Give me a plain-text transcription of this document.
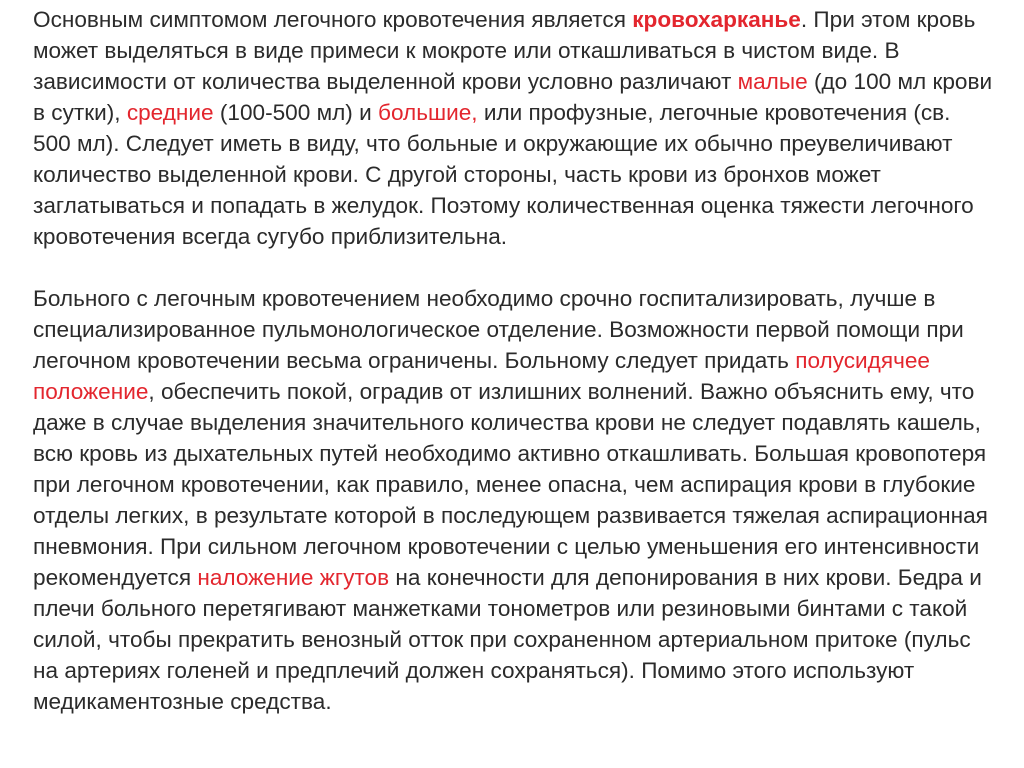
Основным симптомом легочного кровотечения является кровохарканье. При этом кровь может выделяться в виде примеси к мокроте или откашливаться в чистом виде. В зависимости от количества выделенной крови условно различают малые (до 100 мл крови в сутки), средние (100-500 мл) и большие, или профузные, легочные кровотечения (св. 500 мл). Следует иметь в виду, что больные и окружающие их обычно преувеличивают количество выделенной крови. С другой стороны, часть крови из бронхов может заглатываться и попадать в желудок. Поэтому количественная оценка тяжести легочного кровотечения всегда сугубо приблизительна.

Больного с легочным кровотечением необходимо срочно госпитализировать, лучше в специализированное пульмонологическое отделение. Возможности первой помощи при легочном кровотечении весьма ограничены. Больному следует придать полусидячее положение, обеспечить покой, оградив от излишних волнений. Важно объяснить ему, что даже в случае выделения значительного количества крови не следует подавлять кашель, всю кровь из дыхательных путей необходимо активно откашливать. Большая кровопотеря при легочном кровотечении, как правило, менее опасна, чем аспирация крови в глубокие отделы легких, в результате которой в последующем развивается тяжелая аспирационная пневмония. При сильном легочном кровотечении с целью уменьшения его интенсивности рекомендуется наложение жгутов на конечности для депонирования в них крови. Бедра и плечи больного перетягивают манжетками тонометров или резиновыми бинтами с такой силой, чтобы прекратить венозный отток при сохраненном артериальном притоке (пульс на артериях голеней и предплечий должен сохраняться). Помимо этого используют медикаментозные средства.
